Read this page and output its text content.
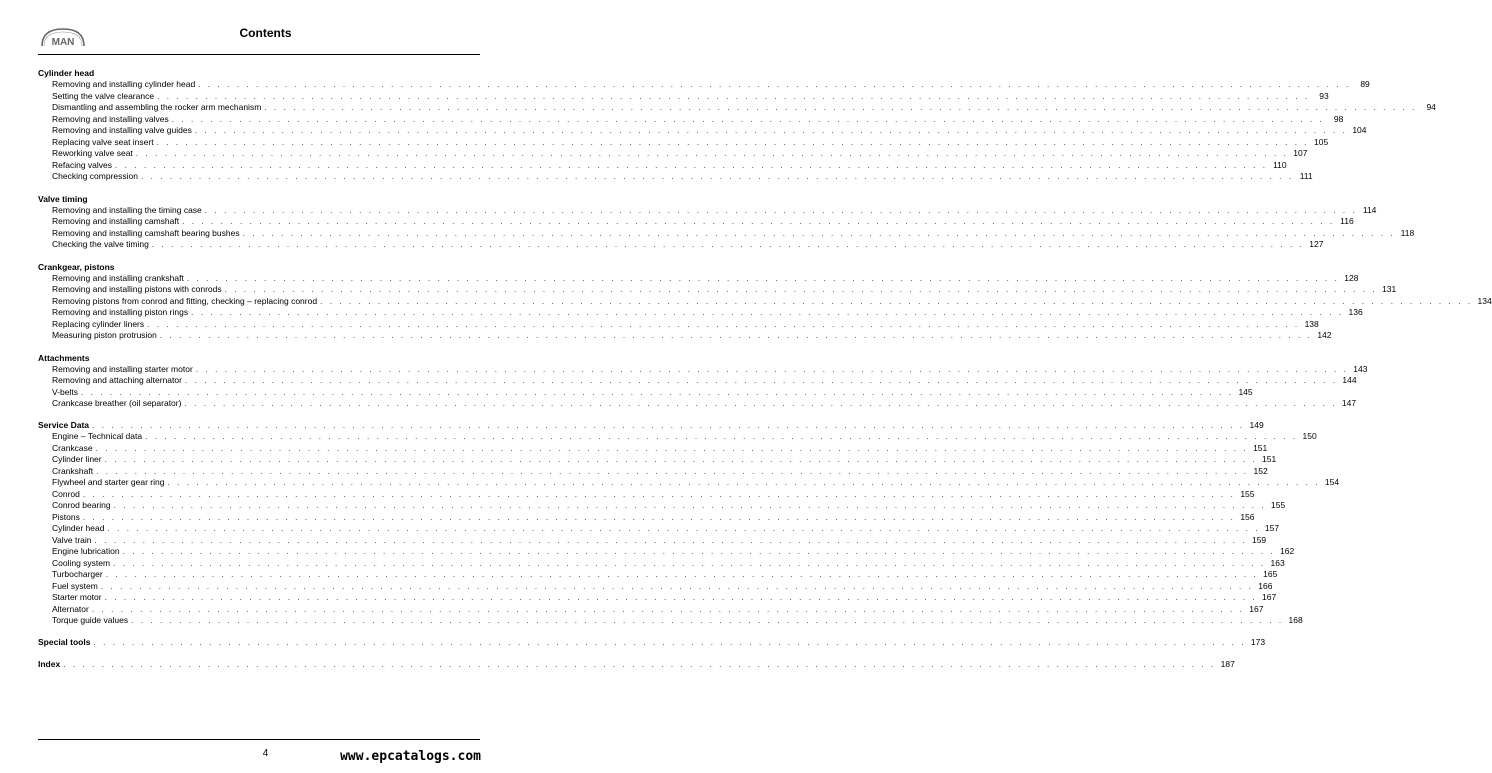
MAN
Contents
Cylinder head
Removing and installing cylinder head . . . . . . . . . . . . . . . . . . . . . . . . . . . . . . . . . . . . . . . . . . . . . . . . . . . . . . . . . . . . . . . . . . . . . . . . . . . . . . . . . . . . . . . . . . . . . . . . . . . . . . . . . . . . . . . . . . . . . . . .	89
Setting the valve clearance . . . . . . . . . . . . . . . . . . . . . . . . . . . . . . . . . . . . . . . . . . . . . . . . . . . . . . . . . . . . . . . . . . . . . . . . . . . . . . . . . . . . . . . . . . . . . . . . . . . . . . . . . . . . . . . . . . . . . . . .	93
Dismantling and assembling the rocker arm mechanism . . . . . . . . . . . . . . . . . . . . . . . . . . . . . . . . . . . . . . . . . . . . . . . . . . . . . . . . . . . . . . . . . . . . . . . . . . . . . . . . . . . . . . . . . . . . . . . . . . . . . . . . . . . . . . . . . . . . . . . .	94
Removing and installing valves . . . . . . . . . . . . . . . . . . . . . . . . . . . . . . . . . . . . . . . . . . . . . . . . . . . . . . . . . . . . . . . . . . . . . . . . . . . . . . . . . . . . . . . . . . . . . . . . . . . . . . . . . . . . . . . . . . . . . . . .	98
Removing and installing valve guides . . . . . . . . . . . . . . . . . . . . . . . . . . . . . . . . . . . . . . . . . . . . . . . . . . . . . . . . . . . . . . . . . . . . . . . . . . . . . . . . . . . . . . . . . . . . . . . . . . . . . . . . . . . . . . . . . . . . . . . . 104
Replacing valve seat insert . . . . . . . . . . . . . . . . . . . . . . . . . . . . . . . . . . . . . . . . . . . . . . . . . . . . . . . . . . . . . . . . . . . . . . . . . . . . . . . . . . . . . . . . . . . . . . . . . . . . . . . . . . . . . . . . . . . . . . . . 105
Reworking valve seat . . . . . . . . . . . . . . . . . . . . . . . . . . . . . . . . . . . . . . . . . . . . . . . . . . . . . . . . . . . . . . . . . . . . . . . . . . . . . . . . . . . . . . . . . . . . . . . . . . . . . . . . . . . . . . . . . . . . . . . . 107
Refacing valves . . . . . . . . . . . . . . . . . . . . . . . . . . . . . . . . . . . . . . . . . . . . . . . . . . . . . . . . . . . . . . . . . . . . . . . . . . . . . . . . . . . . . . . . . . . . . . . . . . . . . . . . . . . . . . . . . . . . . . . . 110
Checking compression . . . . . . . . . . . . . . . . . . . . . . . . . . . . . . . . . . . . . . . . . . . . . . . . . . . . . . . . . . . . . . . . . . . . . . . . . . . . . . . . . . . . . . . . . . . . . . . . . . . . . . . . . . . . . . . . . . . . . . . . 111
Valve timing
Removing and installing the timing case . . . . . . . . . . . . . . . . . . . . . . . . . . . . . . . . . . . . . . . . . . . . . . . . . . . . . . . . . . . . . . . . . . . . . . . . . . . . . . . . . . . . . . . . . . . . . . . . . . . . . . . . . . . . . . . . . . . . . . . . 114
Removing and installing camshaft . . . . . . . . . . . . . . . . . . . . . . . . . . . . . . . . . . . . . . . . . . . . . . . . . . . . . . . . . . . . . . . . . . . . . . . . . . . . . . . . . . . . . . . . . . . . . . . . . . . . . . . . . . . . . . . . . . . . . . . . 116
Removing and installing camshaft bearing bushes . . . . . . . . . . . . . . . . . . . . . . . . . . . . . . . . . . . . . . . . . . . . . . . . . . . . . . . . . . . . . . . . . . . . . . . . . . . . . . . . . . . . . . . . . . . . . . . . . . . . . . . . . . . . . . . . . . . . . . . . 118
Checking the valve timing . . . . . . . . . . . . . . . . . . . . . . . . . . . . . . . . . . . . . . . . . . . . . . . . . . . . . . . . . . . . . . . . . . . . . . . . . . . . . . . . . . . . . . . . . . . . . . . . . . . . . . . . . . . . . . . . . . . . . . . . 127
Crankgear, pistons
Removing and installing crankshaft . . . . . . . . . . . . . . . . . . . . . . . . . . . . . . . . . . . . . . . . . . . . . . . . . . . . . . . . . . . . . . . . . . . . . . . . . . . . . . . . . . . . . . . . . . . . . . . . . . . . . . . . . . . . . . . . . . . . . . . . 128
Removing and installing pistons with conrods . . . . . . . . . . . . . . . . . . . . . . . . . . . . . . . . . . . . . . . . . . . . . . . . . . . . . . . . . . . . . . . . . . . . . . . . . . . . . . . . . . . . . . . . . . . . . . . . . . . . . . . . . . . . . . . . . . . . . . . . 131
Removing pistons from conrod and fitting, checking – replacing conrod . . . . . . . . . . . . . . . . . . . . . . . . . . . . . . . . . . . . . . . . . . . . . . . . . . . . . . . . . . . . . . . . . . . . . . . . . . . . . . . . . . . . . . . . . . . . . . . . . . . . . . . . . . . . . . . . . . . . . . . . 134
Removing and installing piston rings . . . . . . . . . . . . . . . . . . . . . . . . . . . . . . . . . . . . . . . . . . . . . . . . . . . . . . . . . . . . . . . . . . . . . . . . . . . . . . . . . . . . . . . . . . . . . . . . . . . . . . . . . . . . . . . . . . . . . . . . 136
Replacing cylinder liners . . . . . . . . . . . . . . . . . . . . . . . . . . . . . . . . . . . . . . . . . . . . . . . . . . . . . . . . . . . . . . . . . . . . . . . . . . . . . . . . . . . . . . . . . . . . . . . . . . . . . . . . . . . . . . . . . . . . . . . . 138
Measuring piston protrusion . . . . . . . . . . . . . . . . . . . . . . . . . . . . . . . . . . . . . . . . . . . . . . . . . . . . . . . . . . . . . . . . . . . . . . . . . . . . . . . . . . . . . . . . . . . . . . . . . . . . . . . . . . . . . . . . . . . . . . . . 142
Attachments
Removing and installing starter motor . . . . . . . . . . . . . . . . . . . . . . . . . . . . . . . . . . . . . . . . . . . . . . . . . . . . . . . . . . . . . . . . . . . . . . . . . . . . . . . . . . . . . . . . . . . . . . . . . . . . . . . . . . . . . . . . . . . . . . . . 143
Removing and attaching alternator . . . . . . . . . . . . . . . . . . . . . . . . . . . . . . . . . . . . . . . . . . . . . . . . . . . . . . . . . . . . . . . . . . . . . . . . . . . . . . . . . . . . . . . . . . . . . . . . . . . . . . . . . . . . . . . . . . . . . . . . 144
V-belts . . . . . . . . . . . . . . . . . . . . . . . . . . . . . . . . . . . . . . . . . . . . . . . . . . . . . . . . . . . . . . . . . . . . . . . . . . . . . . . . . . . . . . . . . . . . . . . . . . . . . . . . . . . . . . . . . . . . . . . . 145
Crankcase breather (oil separator) . . . . . . . . . . . . . . . . . . . . . . . . . . . . . . . . . . . . . . . . . . . . . . . . . . . . . . . . . . . . . . . . . . . . . . . . . . . . . . . . . . . . . . . . . . . . . . . . . . . . . . . . . . . . . . . . . . . . . . . . 147
Service Data . . . . . . . . . . . . . . . . . . . . . . . . . . . . . . . . . . . . . . . . . . . . . . . . . . . . . . . . . . . . . . . . . . . . . . . . . . . . . . . . . . . . . . . . . . . . . . . . . . . . . . . . . . . . . . . . . . . . . . . . 149
Engine – Technical data . . . . . . . . . . . . . . . . . . . . . . . . . . . . . . . . . . . . . . . . . . . . . . . . . . . . . . . . . . . . . . . . . . . . . . . . . . . . . . . . . . . . . . . . . . . . . . . . . . . . . . . . . . . . . . . . . . . . . . . . 150
Crankcase . . . . . . . . . . . . . . . . . . . . . . . . . . . . . . . . . . . . . . . . . . . . . . . . . . . . . . . . . . . . . . . . . . . . . . . . . . . . . . . . . . . . . . . . . . . . . . . . . . . . . . . . . . . . . . . . . . . . . . . . 151
Cylinder liner . . . . . . . . . . . . . . . . . . . . . . . . . . . . . . . . . . . . . . . . . . . . . . . . . . . . . . . . . . . . . . . . . . . . . . . . . . . . . . . . . . . . . . . . . . . . . . . . . . . . . . . . . . . . . . . . . . . . . . . . 151
Crankshaft . . . . . . . . . . . . . . . . . . . . . . . . . . . . . . . . . . . . . . . . . . . . . . . . . . . . . . . . . . . . . . . . . . . . . . . . . . . . . . . . . . . . . . . . . . . . . . . . . . . . . . . . . . . . . . . . . . . . . . . . 152
Flywheel and starter gear ring . . . . . . . . . . . . . . . . . . . . . . . . . . . . . . . . . . . . . . . . . . . . . . . . . . . . . . . . . . . . . . . . . . . . . . . . . . . . . . . . . . . . . . . . . . . . . . . . . . . . . . . . . . . . . . . . . . . . . . . . 154
Conrod . . . . . . . . . . . . . . . . . . . . . . . . . . . . . . . . . . . . . . . . . . . . . . . . . . . . . . . . . . . . . . . . . . . . . . . . . . . . . . . . . . . . . . . . . . . . . . . . . . . . . . . . . . . . . . . . . . . . . . . . 155
Conrod bearing . . . . . . . . . . . . . . . . . . . . . . . . . . . . . . . . . . . . . . . . . . . . . . . . . . . . . . . . . . . . . . . . . . . . . . . . . . . . . . . . . . . . . . . . . . . . . . . . . . . . . . . . . . . . . . . . . . . . . . . . 155
Pistons . . . . . . . . . . . . . . . . . . . . . . . . . . . . . . . . . . . . . . . . . . . . . . . . . . . . . . . . . . . . . . . . . . . . . . . . . . . . . . . . . . . . . . . . . . . . . . . . . . . . . . . . . . . . . . . . . . . . . . . . 156
Cylinder head . . . . . . . . . . . . . . . . . . . . . . . . . . . . . . . . . . . . . . . . . . . . . . . . . . . . . . . . . . . . . . . . . . . . . . . . . . . . . . . . . . . . . . . . . . . . . . . . . . . . . . . . . . . . . . . . . . . . . . . . 157
Valve train . . . . . . . . . . . . . . . . . . . . . . . . . . . . . . . . . . . . . . . . . . . . . . . . . . . . . . . . . . . . . . . . . . . . . . . . . . . . . . . . . . . . . . . . . . . . . . . . . . . . . . . . . . . . . . . . . . . . . . . . 159
Engine lubrication . . . . . . . . . . . . . . . . . . . . . . . . . . . . . . . . . . . . . . . . . . . . . . . . . . . . . . . . . . . . . . . . . . . . . . . . . . . . . . . . . . . . . . . . . . . . . . . . . . . . . . . . . . . . . . . . . . . . . . . . 162
Cooling system . . . . . . . . . . . . . . . . . . . . . . . . . . . . . . . . . . . . . . . . . . . . . . . . . . . . . . . . . . . . . . . . . . . . . . . . . . . . . . . . . . . . . . . . . . . . . . . . . . . . . . . . . . . . . . . . . . . . . . . . 163
Turbocharger . . . . . . . . . . . . . . . . . . . . . . . . . . . . . . . . . . . . . . . . . . . . . . . . . . . . . . . . . . . . . . . . . . . . . . . . . . . . . . . . . . . . . . . . . . . . . . . . . . . . . . . . . . . . . . . . . . . . . . . . 165
Fuel system . . . . . . . . . . . . . . . . . . . . . . . . . . . . . . . . . . . . . . . . . . . . . . . . . . . . . . . . . . . . . . . . . . . . . . . . . . . . . . . . . . . . . . . . . . . . . . . . . . . . . . . . . . . . . . . . . . . . . . . . 166
Starter motor . . . . . . . . . . . . . . . . . . . . . . . . . . . . . . . . . . . . . . . . . . . . . . . . . . . . . . . . . . . . . . . . . . . . . . . . . . . . . . . . . . . . . . . . . . . . . . . . . . . . . . . . . . . . . . . . . . . . . . . . 167
Alternator . . . . . . . . . . . . . . . . . . . . . . . . . . . . . . . . . . . . . . . . . . . . . . . . . . . . . . . . . . . . . . . . . . . . . . . . . . . . . . . . . . . . . . . . . . . . . . . . . . . . . . . . . . . . . . . . . . . . . . . . 167
Torque guide values . . . . . . . . . . . . . . . . . . . . . . . . . . . . . . . . . . . . . . . . . . . . . . . . . . . . . . . . . . . . . . . . . . . . . . . . . . . . . . . . . . . . . . . . . . . . . . . . . . . . . . . . . . . . . . . . . . . . . . . . 168
Special tools . . . . . . . . . . . . . . . . . . . . . . . . . . . . . . . . . . . . . . . . . . . . . . . . . . . . . . . . . . . . . . . . . . . . . . . . . . . . . . . . . . . . . . . . . . . . . . . . . . . . . . . . . . . . . . . . . . . . . . . . 173
Index . . . . . . . . . . . . . . . . . . . . . . . . . . . . . . . . . . . . . . . . . . . . . . . . . . . . . . . . . . . . . . . . . . . . . . . . . . . . . . . . . . . . . . . . . . . . . . . . . . . . . . . . . . . . . . . . . . . . . . . . 187
4	www.epcatalogs.com
